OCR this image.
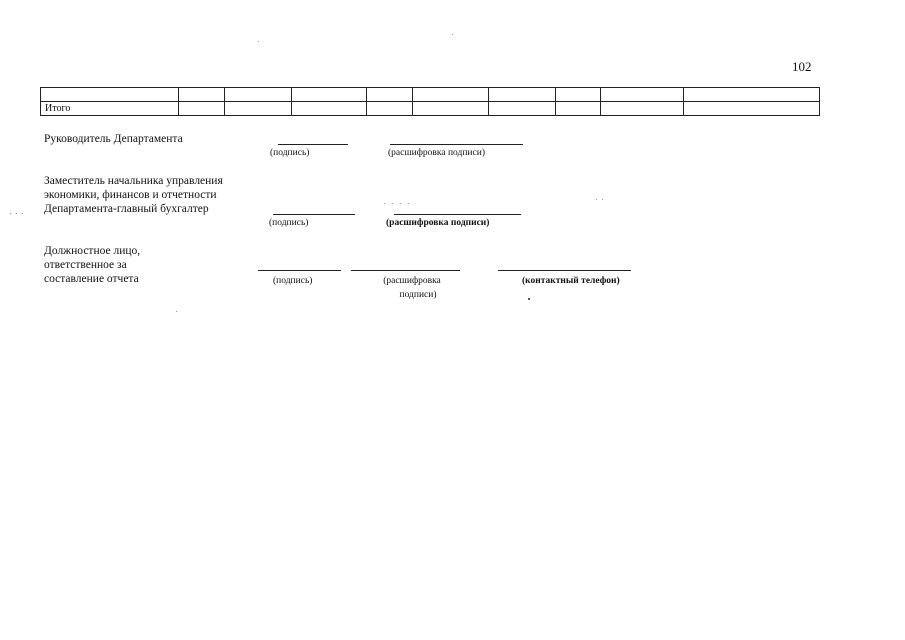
102

Итого									
Руководитель Департамента
(подпись)	(расшифровка подписи)
Заместитель начальника управления
экономики, финансов и отчетности
Департамента-главный бухгалтер
(подпись)	(расшифровка подписи)
Должностное лицо,
ответственное за
составление отчета	(подпись)	(расшифровка
подписи)
(контактный телефон)
